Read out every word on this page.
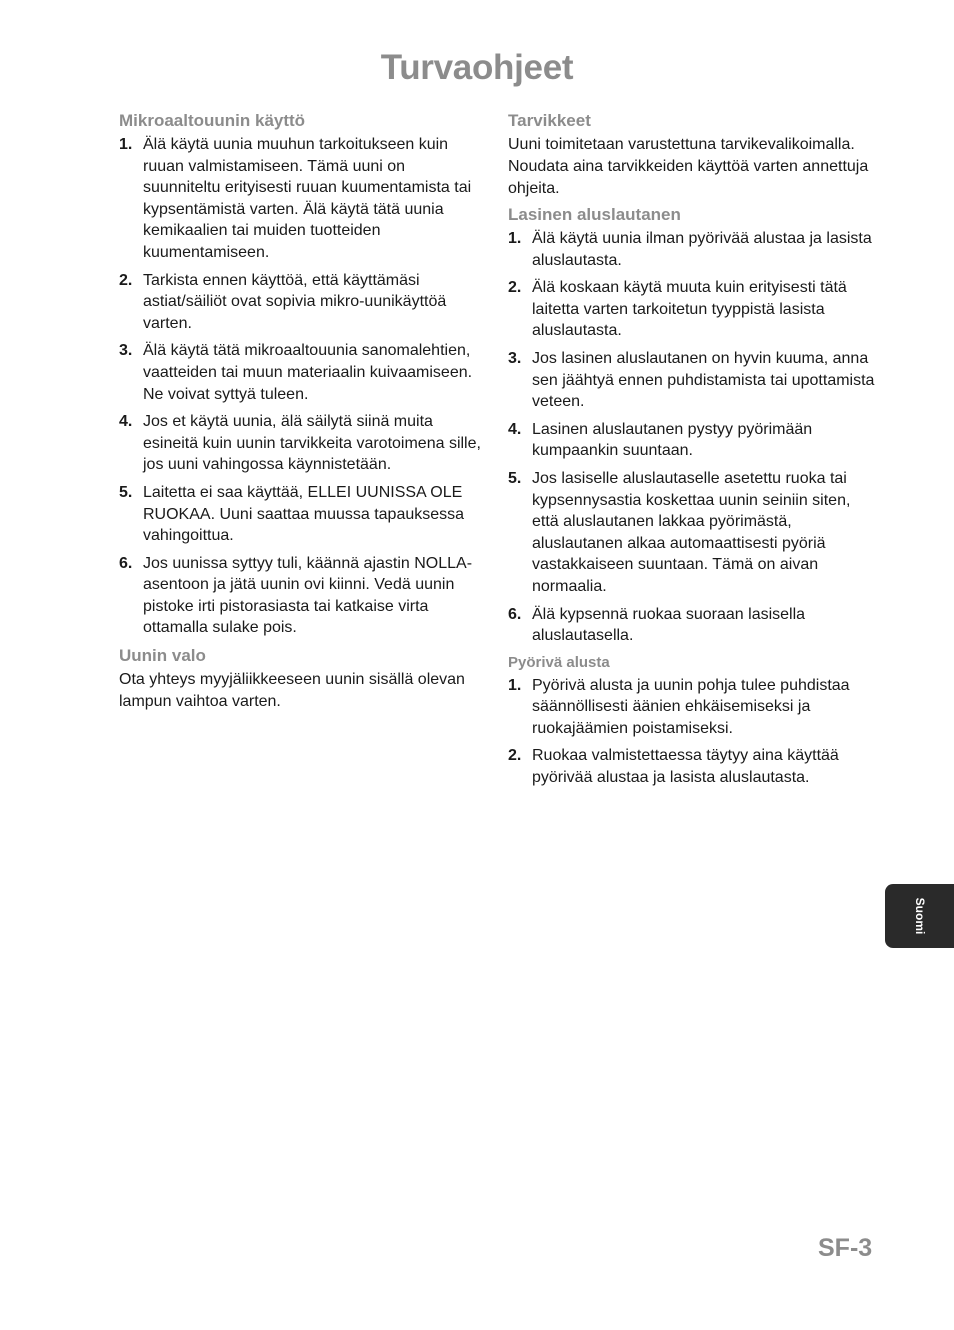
Turvaohjeet
Mikroaaltouunin käyttö
1. Älä käytä uunia muuhun tarkoitukseen kuin ruuan valmistamiseen. Tämä uuni on suunniteltu erityisesti ruuan kuumentamista tai kypsentämistä varten. Älä käytä tätä uunia kemikaalien tai muiden tuotteiden kuumentamiseen.
2. Tarkista ennen käyttöä, että käyttämäsi astiat/säiliöt ovat sopivia mikro-uunikäyttöä varten.
3. Älä käytä tätä mikroaaltouunia sanomalehtien, vaatteiden tai muun materiaalin kuivaamiseen. Ne voivat syttyä tuleen.
4. Jos et käytä uunia, älä säilytä siinä muita esineitä kuin uunin tarvikkeita varotoimena sille, jos uuni vahingossa käynnistetään.
5. Laitetta ei saa käyttää, ELLEI UUNISSA OLE RUOKAA. Uuni saattaa muussa tapauksessa vahingoittua.
6. Jos uunissa syttyy tuli, käännä ajastin NOLLA-asentoon ja jätä uunin ovi kiinni. Vedä uunin pistoke irti pistorasiasta tai katkaise virta ottamalla sulake pois.
Uunin valo

Ota yhteys myyjäliikkeeseen uunin sisällä olevan lampun vaihtoa varten.

Tarvikkeet

Uuni toimitetaan varustettuna tarvikevalikoimalla. Noudata aina tarvikkeiden käyttöä varten annettuja ohjeita.

Lasinen aluslautanen
1. Älä käytä uunia ilman pyörivää alustaa ja lasista aluslautasta.
2. Älä koskaan käytä muuta kuin erityisesti tätä laitetta varten tarkoitetun tyyppistä lasista aluslautasta.
3. Jos lasinen aluslautanen on hyvin kuuma, anna sen jäähtyä ennen puhdistamista tai upottamista veteen.
4. Lasinen aluslautanen pystyy pyörimään kumpaankin suuntaan.
5. Jos lasiselle aluslautaselle asetettu ruoka tai kypsennysastia koskettaa uunin seiniin siten, että aluslautanen lakkaa pyörimästä, aluslautanen alkaa automaattisesti pyöriä vastakkaiseen suuntaan. Tämä on aivan normaalia.
6. Älä kypsennä ruokaa suoraan lasisella aluslautasella.
Pyörivä alusta
1. Pyörivä alusta ja uunin pohja tulee puhdistaa säännöllisesti äänien ehkäisemiseksi ja ruokajäämien poistamiseksi.
2. Ruokaa valmistettaessa täytyy aina käyttää pyörivää alustaa ja lasista aluslautasta.
Suomi
SF-3
